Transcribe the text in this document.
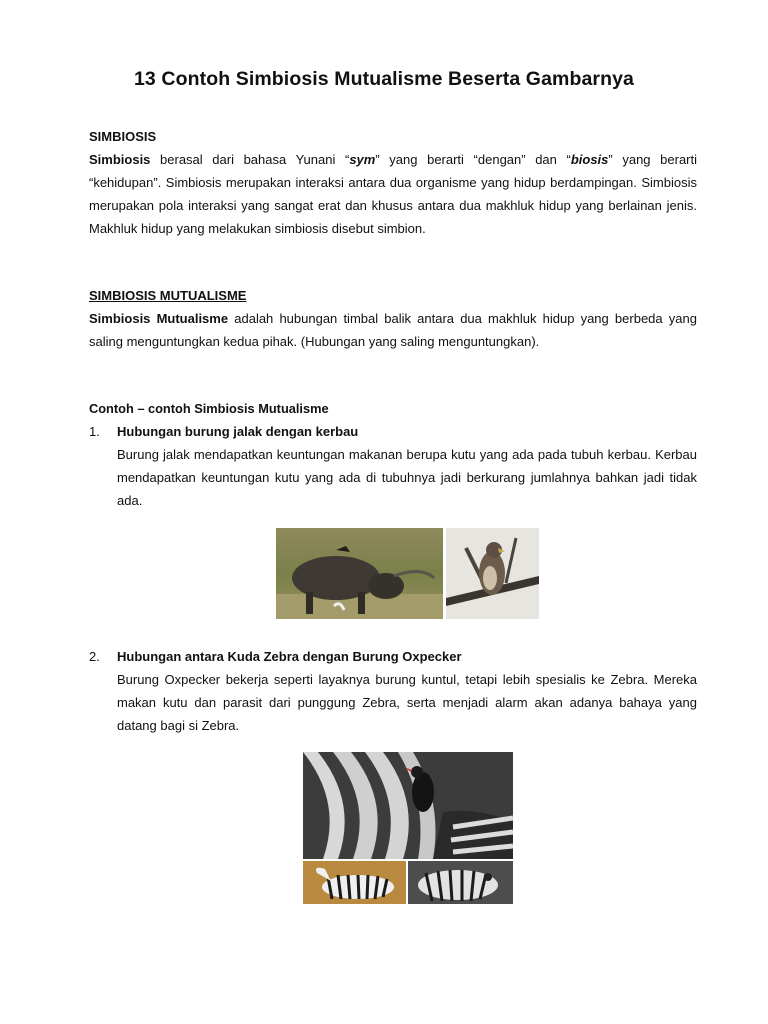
13 Contoh Simbiosis Mutualisme Beserta Gambarnya
SIMBIOSIS
Simbiosis berasal dari bahasa Yunani “sym” yang berarti “dengan” dan “biosis” yang berarti “kehidupan”. Simbiosis merupakan interaksi antara dua organisme yang hidup berdampingan. Simbiosis merupakan pola interaksi yang sangat erat dan khusus antara dua makhluk hidup yang berlainan jenis. Makhluk hidup yang melakukan simbiosis disebut simbion.
SIMBIOSIS MUTUALISME
Simbiosis Mutualisme adalah hubungan timbal balik antara dua makhluk hidup yang berbeda yang saling menguntungkan kedua pihak. (Hubungan yang saling menguntungkan).
Contoh – contoh Simbiosis Mutualisme
1. Hubungan burung jalak dengan kerbau
Burung jalak mendapatkan keuntungan makanan berupa kutu yang ada pada tubuh kerbau. Kerbau mendapatkan keuntungan kutu yang ada di tubuhnya jadi berkurang jumlahnya bahkan jadi tidak ada.
2. Hubungan antara Kuda Zebra dengan Burung Oxpecker
Burung Oxpecker bekerja seperti layaknya burung kuntul, tetapi lebih spesialis ke Zebra. Mereka makan kutu dan parasit dari punggung Zebra, serta menjadi alarm akan adanya bahaya yang datang bagi si Zebra.
